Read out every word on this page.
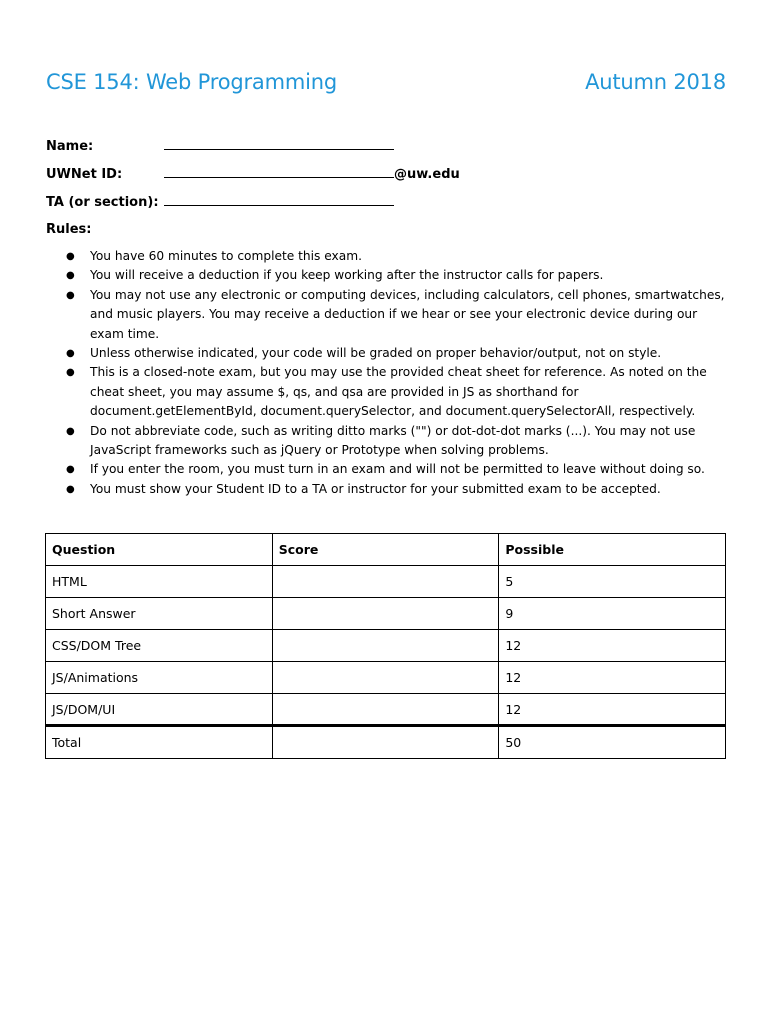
CSE 154: Web Programming	Autumn 2018
Name:
UWNet ID:	@uw.edu
TA (or section):
Rules:
● You have 60 minutes to complete this exam.
● You will receive a deduction if you keep working after the instructor calls for papers.
● You may not use any electronic or computing devices, including calculators, cell phones, smartwatches, and music players. You may receive a deduction if we hear or see your electronic device during our exam time.
● Unless otherwise indicated, your code will be graded on proper behavior/output, not on style.
● This is a closed-note exam, but you may use the provided cheat sheet for reference. As noted on the cheat sheet, you may assume $, qs, and qsa are provided in JS as shorthand for document.getElementById, document.querySelector, and document.querySelectorAll, respectively.
● Do not abbreviate code, such as writing ditto marks ("") or dot-dot-dot marks (...). You may not use JavaScript frameworks such as jQuery or Prototype when solving problems.
● If you enter the room, you must turn in an exam and will not be permitted to leave without doing so.
● You must show your Student ID to a TA or instructor for your submitted exam to be accepted.
Question	Score	Possible
HTML		5
Short Answer		9
CSS/DOM Tree		12
JS/Animations		12
JS/DOM/UI		12
Total		50
